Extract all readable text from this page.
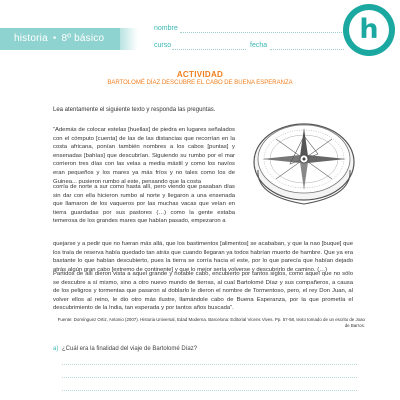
historia • 8º básico
nombre
curso	fecha
h
ACTIVIDAD
BARTOLOMÉ DÍAZ DESCUBRE EL CABO DE BUENA ESPERANZA
Lea atentamente el siguiente texto y responda las preguntas.
“Además de colocar estelas [huellas] de piedra en lugares señalados con el cómputo [cuenta] de las de las distancias que recorrían en la costa africana, ponían también nombres a los cabos [puntas] y ensenadas [bahías] que descubrían. Siguiendo su rumbo por el mar corrieron tres días con las velas a media mástil y como los navíos eran pequeños y los mares ya más fríos y no tales como los de Guinea... pusieron rumbo al este, pensando que la costa
corría de norte a sur como hasta allí, pero viendo que pasaban días sin dar con ella hicieron rumbo al norte y llegaron a una ensenada que llamaron de los vaqueros por las muchas vacas que veían en tierra guardadas por sus pastores (…) como la gente estaba temerosa de los grandes mares que habían pasado, empezaron a
quejarse y a pedir que no fueran más allá, que los bastimentos [alimentos] se acababan, y que la nao [buque] que los traía de reserva había quedado tan atrás que cuando llegaran ya todos habrían muerto de hambre. Que ya era bastante lo que habían descubierto, pues la tierra se corría hacia el este, por lo que parecía que habían dejado atrás algún gran cabo [extremo de continente] y que lo mejor sería volverse y descubrirlo de camino. (…)
Partidos de allí dieron vista a aquel grande y notable cabo, encubierto por tantos siglos, como aquel que no sólo se descubre a sí mismo, sino a otro nuevo mundo de tierras, al cual Bartolomé Díaz y sus compañeros, a causa de los peligros y tormentas que pasaron al doblarlo le dieron el nombre de Tormentoso, pero, el rey Don Juan, al volver ellos al reino, le dio otro más ilustre, llamándole cabo de Buena Esperanza, por la que prometía el descubrimiento de la India, tan esperada y por tantos años buscada”.
Fuente: Domínguez Ortiz, Antonio (2007). Historia Universal, Edad Moderna. Barcelona: Editorial Vicens Vives. Pp. 57-58, texto tomado de un escrito de Joao de Barros.
a) ¿Cuál era la finalidad del viaje de Bartolomé Díaz?
